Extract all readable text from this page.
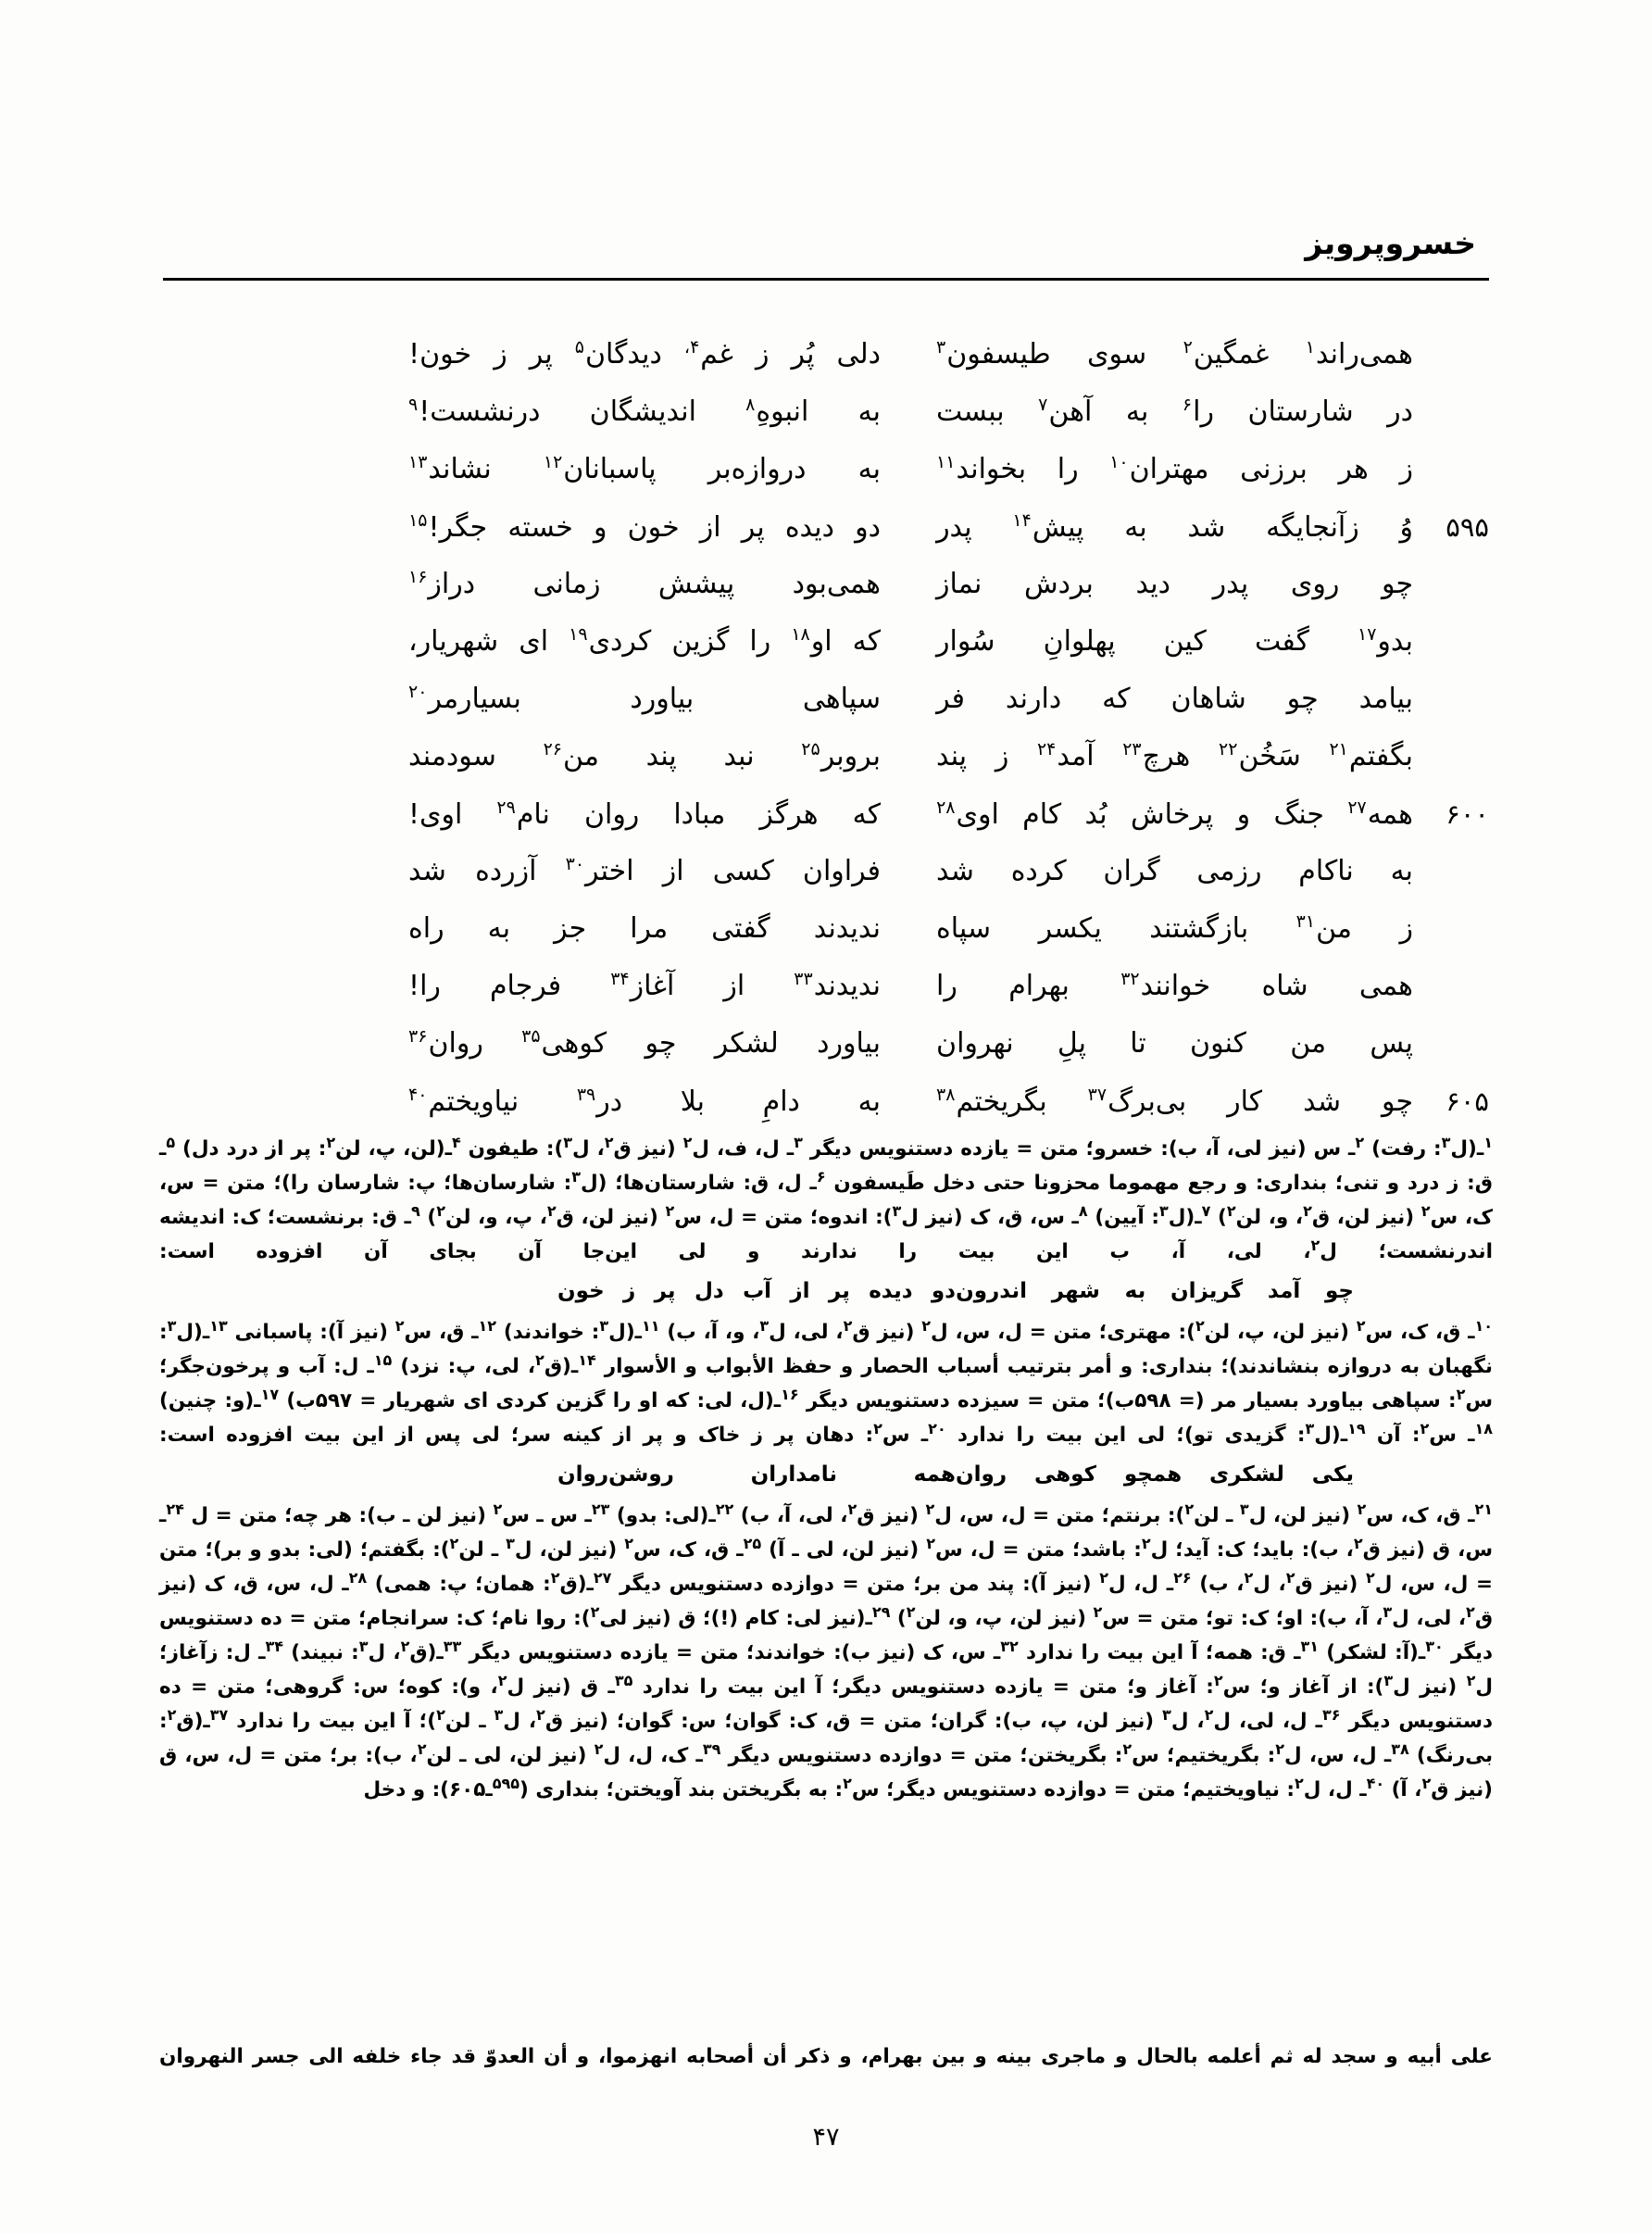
خسروپرویز
همی‌راند$^۱$
غمگین$^۲$
سوی
طیسفون$^۳$
دلی
پُر
ز
غم$^{۴،}$
دیدگان$^۵$
پر
ز
خون!
در
شارستان
را$^۶$
به
آهن$^۷$
ببست
به
انبوهِ$^۸$
اندیشگان
درنشست!$^۹$
ز
هر
برزنی
مهتران$^{۱۰}$
را
بخواند$^{۱۱}$
به
دروازه‌بر
پاسبانان$^{۱۲}$
نشاند$^{۱۳}$
۵۹۵
وُ
زآنجایگه
شد
به
پیش$^{۱۴}$
پدر
دو
دیده
پر
از
خون
و
خسته
جگر!$^{۱۵}$
چو
روی
پدر
دید
بردش
نماز
همی‌بود
پیشش
زمانی
دراز$^{۱۶}$
بدو$^{۱۷}$
گفت
کین
پهلوانِ
سُوار
که
او$^{۱۸}$
را
گزین
کردی$^{۱۹}$
ای
شهریار،
بیامد
چو
شاهان
که
دارند
فر
سپاهی
بیاورد
بسیارمر$^{۲۰}$
بگفتم$^{۲۱}$
سَخُن$^{۲۲}$
هرچ$^{۲۳}$
آمد$^{۲۴}$
ز
پند
بروبر$^{۲۵}$
نبد
پند
من$^{۲۶}$
سودمند
۶۰۰
همه$^{۲۷}$
جنگ
و
پرخاش
بُد
کام
اوی$^{۲۸}$
که
هرگز
مبادا
روان
نام$^{۲۹}$
اوی!
به
ناکام
رزمی
گران
کرده
شد
فراوان
کسی
از
اختر$^{۳۰}$
آزرده
شد
ز
من$^{۳۱}$
بازگشتند
یکسر
سپاه
ندیدند
گفتی
مرا
جز
به
راه
همی
شاه
خوانند$^{۳۲}$
بهرام
را
ندیدند$^{۳۳}$
از
آغاز$^{۳۴}$
فرجام
را!
پس
من
کنون
تا
پلِ
نهروان
بیاورد
لشکر
چو
کوهی$^{۳۵}$
روان$^{۳۶}$
۶۰۵
چو
شد
کار
بی‌برگ$^{۳۷}$
بگریختم$^{۳۸}$
به
دامِ
بلا
در$^{۳۹}$
نیاویختم$^{۴۰}$
$^۱$ـ(ل$^۳$: رفت) $^۲$ـ س (نیز لی، آ، ب): خسرو؛ متن = یازده دستنویس دیگر $^۳$ـ ل، ف، ل$^۲$ (نیز ق$^۲$، ل$^۳$): طیفون $^۴$ـ(لن، پ، لن$^۲$: پر از درد دل) $^۵$ـ ق: ز درد و تنی؛ بنداری: و رجع مهموما محزونا حتی دخل طَیسفون $^۶$ـ ل، ق: شارستان‌ها؛ (ل$^۳$: شارسان‌ها؛ پ: شارسان را)؛ متن = س، ک، س$^۲$ (نیز لن، ق$^۲$، و، لن$^۲$) $^۷$ـ(ل$^۳$: آیین) $^۸$ـ س، ق، ک (نیز ل$^۳$): اندوه؛ متن = ل، س$^۲$ (نیز لن، ق$^۲$، پ، و، لن$^۲$) $^۹$ـ ق: برنشست؛ ک: اندیشه اندرنشست؛ ل$^۲$، لی، آ، ب این بیت را ندارند و لی این‌جا آن بجای آن افزوده است:
چو
آمد
گریزان
به
شهر
اندرون
دو
دیده
پر
از
آب
دل
پر
ز
خون
$^{۱۰}$ـ ق، ک، س$^۲$ (نیز لن، پ، لن$^۲$): مهتری؛ متن = ل، س، ل$^۲$ (نیز ق$^۲$، لی، ل$^۳$، و، آ، ب) $^{۱۱}$ـ(ل$^۳$: خواندند) $^{۱۲}$ـ ق، س$^۲$ (نیز آ): پاسبانی $^{۱۳}$ـ(ل$^۳$: نگهبان به دروازه بنشاندند)؛ بنداری: و أمر بترتیب أسباب الحصار و حفظ الأبواب و الأسوار $^{۱۴}$ـ(ق$^۲$، لی، پ: نزد) $^{۱۵}$ـ ل: آب و پرخون‌جگر؛ س$^۲$: سپاهی بیاورد بسیار مر (= ۵۹۸ب)؛ متن = سیزده دستنویس دیگر $^{۱۶}$ـ(ل، لی: که او را گزین کردی ای شهریار = ۵۹۷ب) $^{۱۷}$ـ(و: چنین) $^{۱۸}$ـ س$^۲$: آن $^{۱۹}$ـ(ل$^۳$: گزیدی تو)؛ لی این بیت را ندارد $^{۲۰}$ـ س$^۲$: دهان پر ز خاک و پر از کینه سر؛ لی پس از این بیت افزوده است:
یکی
لشکری
همچو
کوهی
روان
همه
نامداران
روشن‌روان
$^{۲۱}$ـ ق، ک، س$^۲$ (نیز لن، ل$^۳$ ـ لن$^۲$): برنتم؛ متن = ل، س، ل$^۲$ (نیز ق$^۲$، لی، آ، ب) $^{۲۲}$ـ(لی: بدو) $^{۲۳}$ـ س ـ س$^۲$ (نیز لن ـ ب): هر چه؛ متن = ل $^{۲۴}$ـ س، ق (نیز ق$^۲$، ب): باید؛ ک: آید؛ ل$^۲$: باشد؛ متن = ل، س$^۲$ (نیز لن، لی ـ آ) $^{۲۵}$ـ ق، ک، س$^۲$ (نیز لن، ل$^۳$ ـ لن$^۲$): بگفتم؛ (لی: بدو و بر)؛ متن = ل، س، ل$^۲$ (نیز ق$^۲$، ل$^۲$، ب) $^{۲۶}$ـ ل، ل$^۲$ (نیز آ): پند من بر؛ متن = دوازده دستنویس دیگر $^{۲۷}$ـ(ق$^۲$: همان؛ پ: همی) $^{۲۸}$ـ ل، س، ق، ک (نیز ق$^۲$، لی، ل$^۳$، آ، ب): او؛ ک: تو؛ متن = س$^۲$ (نیز لن، پ، و، لن$^۲$) $^{۲۹}$ـ(نیز لی: کام (!)؛ ق (نیز لی$^۲$): روا نام؛ ک: سرانجام؛ متن = ده دستنویس دیگر $^{۳۰}$ـ(آ: لشکر) $^{۳۱}$ـ ق: همه؛ آ این بیت را ندارد $^{۳۲}$ـ س، ک (نیز ب): خواندند؛ متن = یازده دستنویس دیگر $^{۳۳}$ـ(ق$^۲$، ل$^۳$: نبیند) $^{۳۴}$ـ ل: زآغاز؛ ل$^۲$ (نیز ل$^۳$): از آغاز و؛ س$^۲$: آغاز و؛ متن = یازده دستنویس دیگر؛ آ این بیت را ندارد $^{۳۵}$ـ ق (نیز ل$^۲$، و): کوه؛ س: گروهی؛ متن = ده دستنویس دیگر $^{۳۶}$ـ ل، لی، ل$^۲$، ل$^۳$ (نیز لن، پ، ب): گران؛ متن = ق، ک: گوان؛ س: گوان؛ (نیز ق$^۲$، ل$^۳$ ـ لن$^۲$)؛ آ این بیت را ندارد $^{۳۷}$ـ(ق$^۲$: بی‌رنگ) $^{۳۸}$ـ ل، س، ل$^۲$: بگریختیم؛ س$^۲$: بگریختن؛ متن = دوازده دستنویس دیگر $^{۳۹}$ـ ک، ل، ل$^۲$ (نیز لن، لی ـ لن$^۲$، ب): بر؛ متن = ل، س، ق (نیز ق$^۲$، آ) $^{۴۰}$ـ ل، ل$^۲$: نیاویختیم؛ متن = دوازده دستنویس دیگر؛ س$^۲$: به بگریختن بند آویختن؛ بنداری ($^{۵۹۵}$ـ۶۰۵): و دخل
علی أبیه و سجد له ثم أعلمه بالحال و ماجری بینه و بین بهرام، و ذکر أن أصحابه انهزموا، و أن العدوّ قد جاء خلفه الی جسر النهروان
۴۷
